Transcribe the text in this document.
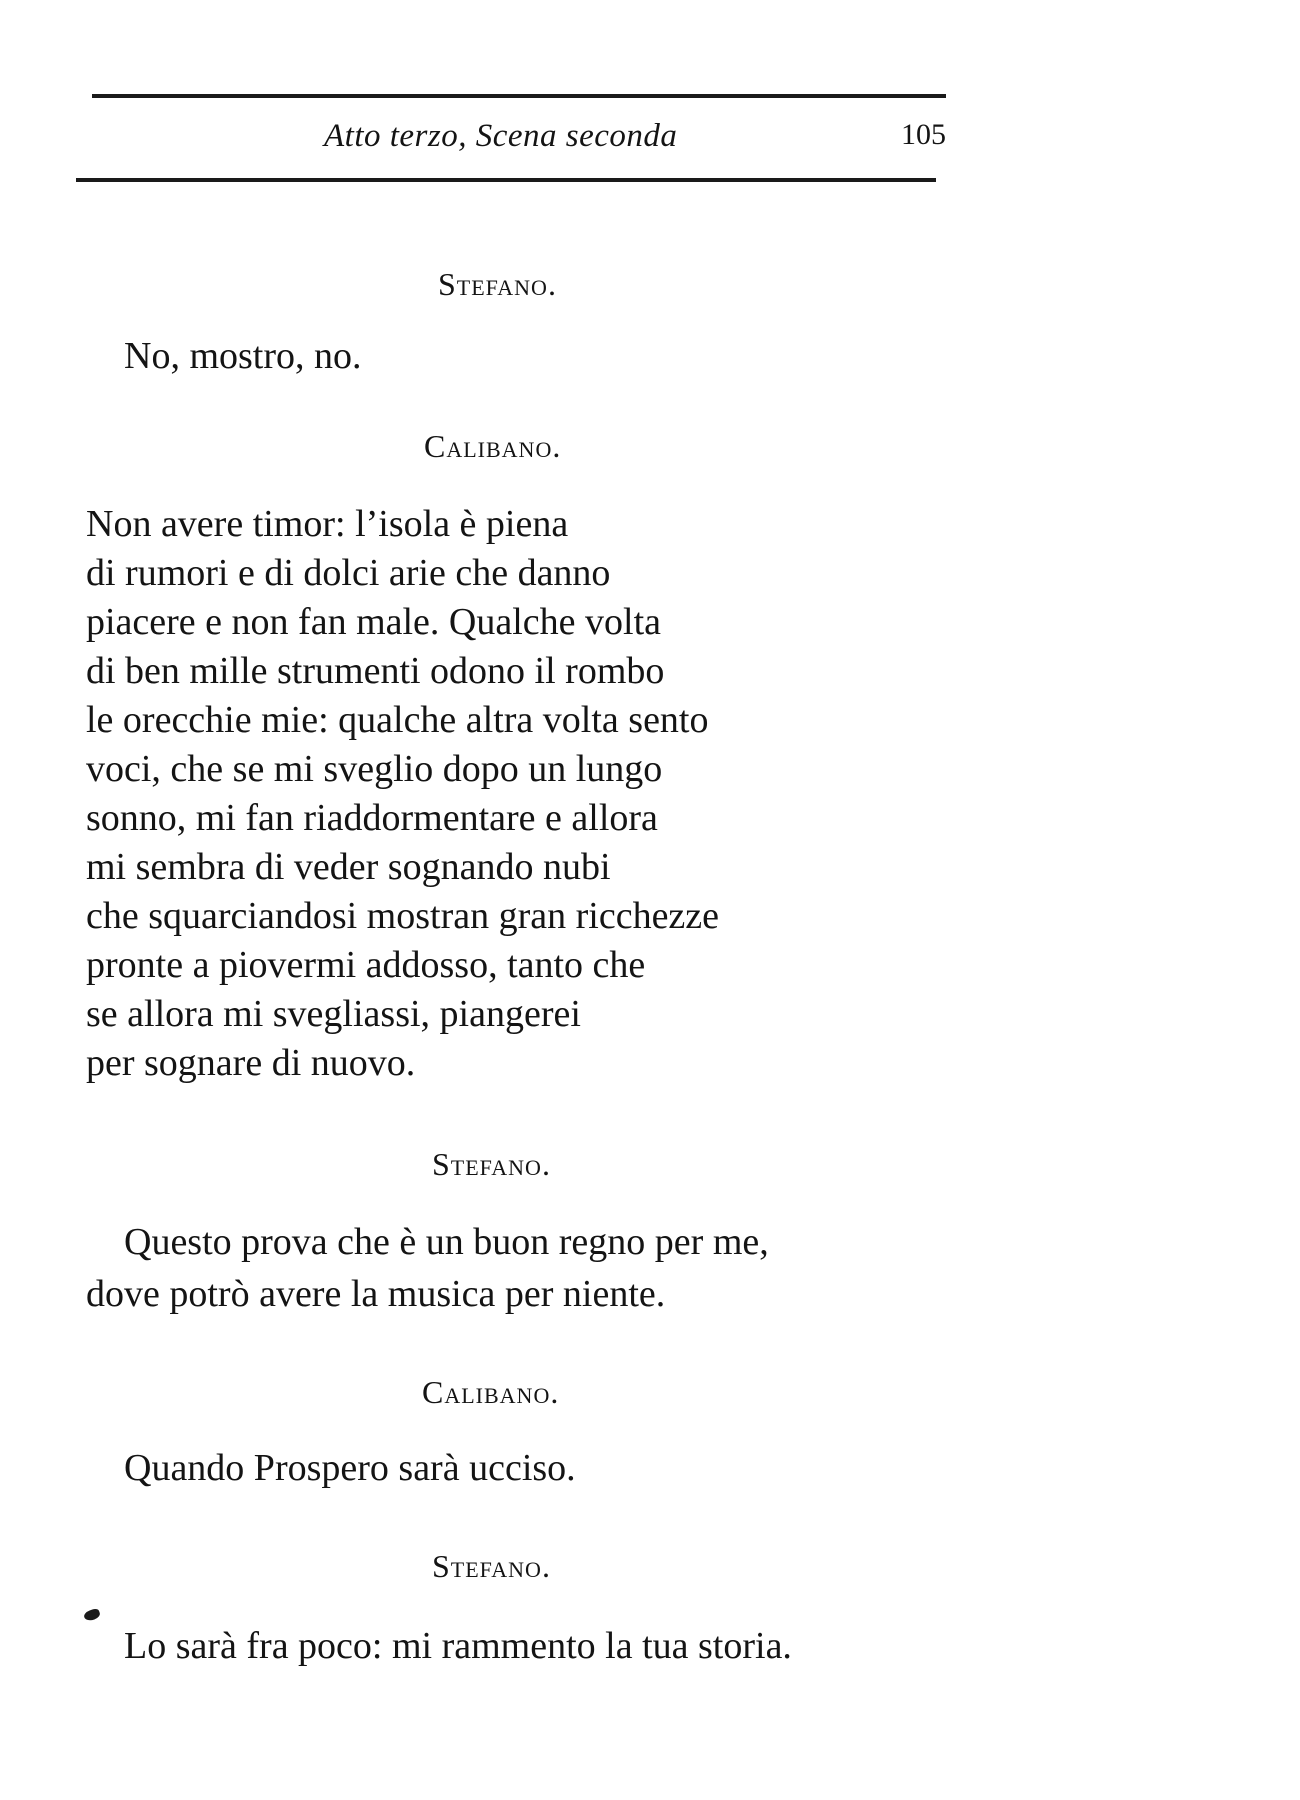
Atto terzo, Scena seconda	105
Stefano.
No, mostro, no.
Calibano.
Non avere timor: l’isola è piena
di rumori e di dolci arie che danno
piacere e non fan male. Qualche volta
di ben mille strumenti odono il rombo
le orecchie mie: qualche altra volta sento
voci, che se mi sveglio dopo un lungo
sonno, mi fan riaddormentare e allora
mi sembra di veder sognando nubi
che squarciandosi mostran gran ricchezze
pronte a piovermi addosso, tanto che
se allora mi svegliassi, piangerei
per sognare di nuovo.
Stefano.
Questo prova che è un buon regno per me,
dove potrò avere la musica per niente.
Calibano.
Quando Prospero sarà ucciso.
Stefano.
Lo sarà fra poco: mi rammento la tua storia.
